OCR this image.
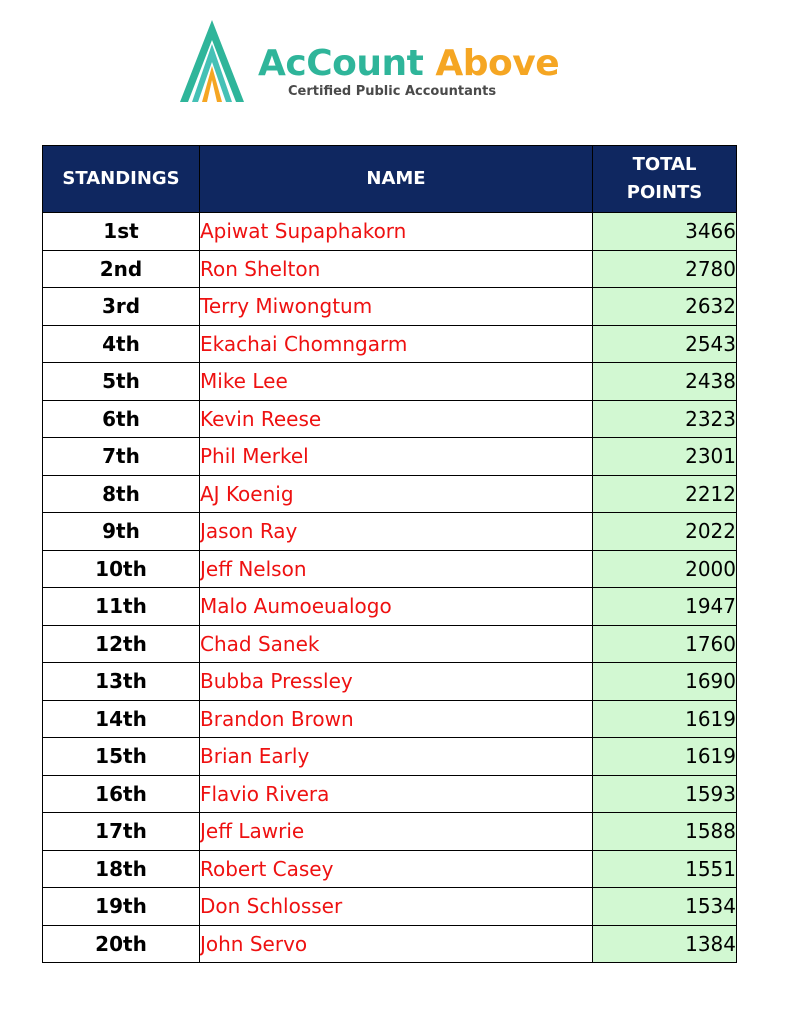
AcCount Above
Certified Public Accountants
STANDINGS	NAME	TOTAL
POINTS
1st	Apiwat Supaphakorn	3466
2nd	Ron Shelton	2780
3rd	Terry Miwongtum	2632
4th	Ekachai Chomngarm	2543
5th	Mike Lee	2438
6th	Kevin Reese	2323
7th	Phil Merkel	2301
8th	AJ Koenig	2212
9th	Jason Ray	2022
10th	Jeff Nelson	2000
11th	Malo Aumoeualogo	1947
12th	Chad Sanek	1760
13th	Bubba Pressley	1690
14th	Brandon Brown	1619
15th	Brian Early	1619
16th	Flavio Rivera	1593
17th	Jeff Lawrie	1588
18th	Robert Casey	1551
19th	Don Schlosser	1534
20th	John Servo	1384
